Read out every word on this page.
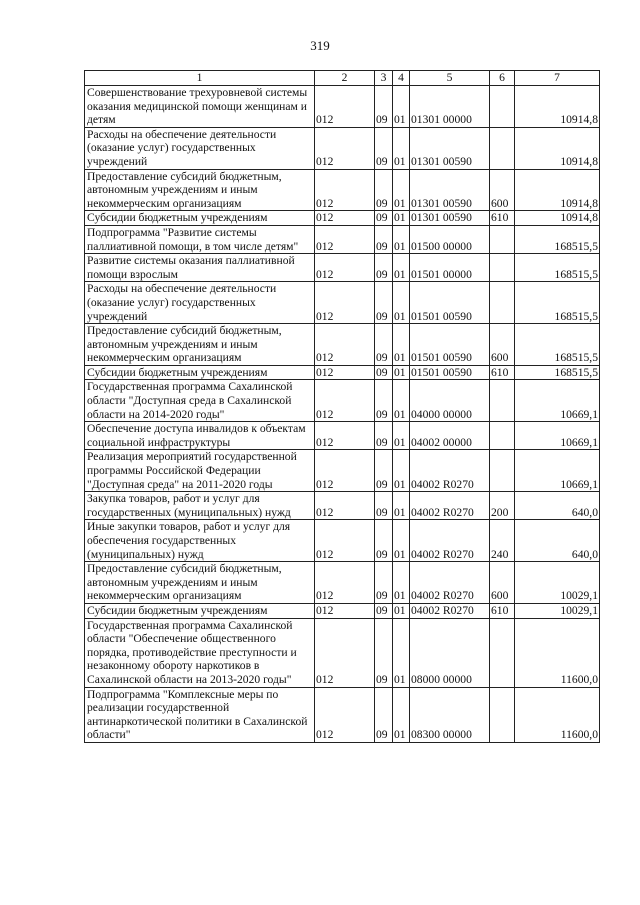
319
1	2	3	4	5	6	7
Совершенствование трехуровневой системы оказания медицинской помощи женщинам и детям	012	09	01	01301 00000		10914,8
Расходы на обеспечение деятельности (оказание услуг) государственных учреждений	012	09	01	01301 00590		10914,8
Предоставление субсидий бюджетным, автономным учреждениям и иным некоммерческим организациям	012	09	01	01301 00590	600	10914,8
Субсидии бюджетным учреждениям	012	09	01	01301 00590	610	10914,8
Подпрограмма "Развитие системы паллиативной помощи, в том числе детям"	012	09	01	01500 00000		168515,5
Развитие системы оказания паллиативной помощи взрослым	012	09	01	01501 00000		168515,5
Расходы на обеспечение деятельности (оказание услуг) государственных учреждений	012	09	01	01501 00590		168515,5
Предоставление субсидий бюджетным, автономным учреждениям и иным некоммерческим организациям	012	09	01	01501 00590	600	168515,5
Субсидии бюджетным учреждениям	012	09	01	01501 00590	610	168515,5
Государственная программа Сахалинской области "Доступная среда в Сахалинской области на 2014-2020 годы"	012	09	01	04000 00000		10669,1
Обеспечение доступа инвалидов к объектам социальной инфраструктуры	012	09	01	04002 00000		10669,1
Реализация мероприятий государственной программы Российской Федерации "Доступная среда" на 2011-2020 годы	012	09	01	04002 R0270		10669,1
Закупка товаров, работ и услуг для государственных (муниципальных) нужд	012	09	01	04002 R0270	200	640,0
Иные закупки товаров, работ и услуг для обеспечения государственных (муниципальных) нужд	012	09	01	04002 R0270	240	640,0
Предоставление субсидий бюджетным, автономным учреждениям и иным некоммерческим организациям	012	09	01	04002 R0270	600	10029,1
Субсидии бюджетным учреждениям	012	09	01	04002 R0270	610	10029,1
Государственная программа Сахалинской области "Обеспечение общественного порядка, противодействие преступности и незаконному обороту наркотиков в Сахалинской области на 2013-2020 годы"	012	09	01	08000 00000		11600,0
Подпрограмма "Комплексные меры по реализации государственной антинаркотической политики в Сахалинской области"	012	09	01	08300 00000		11600,0
